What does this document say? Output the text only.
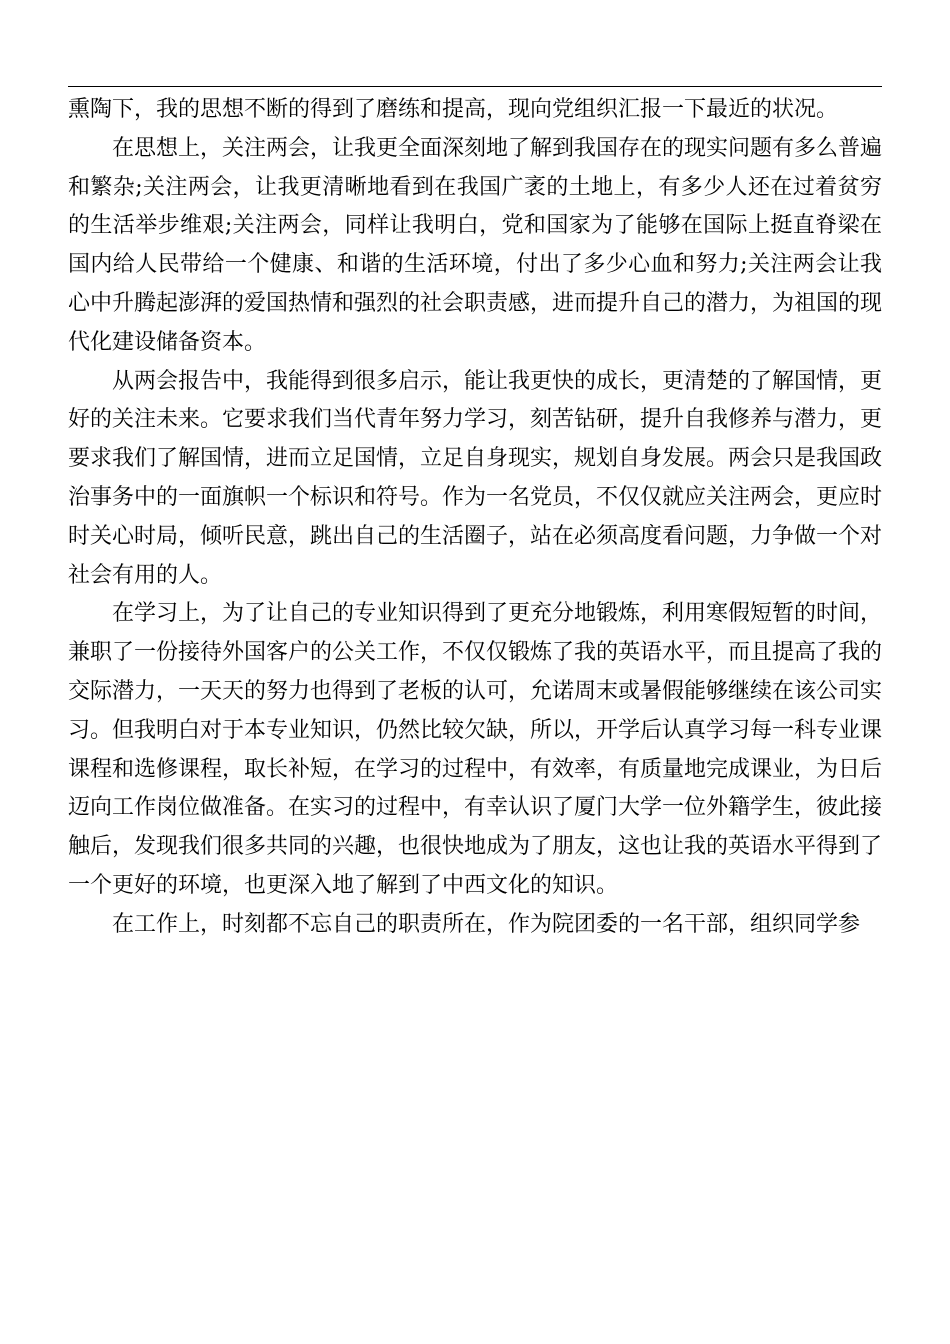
熏陶下，我的思想不断的得到了磨练和提高，现向党组织汇报一下最近的状况。

在思想上，关注两会，让我更全面深刻地了解到我国存在的现实问题有多么普遍和繁杂;关注两会，让我更清晰地看到在我国广袤的土地上，有多少人还在过着贫穷的生活举步维艰;关注两会，同样让我明白，党和国家为了能够在国际上挺直脊梁在国内给人民带给一个健康、和谐的生活环境，付出了多少心血和努力;关注两会让我心中升腾起澎湃的爱国热情和强烈的社会职责感，进而提升自己的潜力，为祖国的现代化建设储备资本。

从两会报告中，我能得到很多启示，能让我更快的成长，更清楚的了解国情，更好的关注未来。它要求我们当代青年努力学习，刻苦钻研，提升自我修养与潜力，更要求我们了解国情，进而立足国情，立足自身现实，规划自身发展。两会只是我国政治事务中的一面旗帜一个标识和符号。作为一名党员，不仅仅就应关注两会，更应时时关心时局，倾听民意，跳出自己的生活圈子，站在必须高度看问题，力争做一个对社会有用的人。

在学习上，为了让自己的专业知识得到了更充分地锻炼，利用寒假短暂的时间，兼职了一份接待外国客户的公关工作，不仅仅锻炼了我的英语水平，而且提高了我的交际潜力，一天天的努力也得到了老板的认可，允诺周末或暑假能够继续在该公司实习。但我明白对于本专业知识，仍然比较欠缺，所以，开学后认真学习每一科专业课课程和选修课程，取长补短，在学习的过程中，有效率，有质量地完成课业，为日后迈向工作岗位做准备。在实习的过程中，有幸认识了厦门大学一位外籍学生，彼此接触后，发现我们很多共同的兴趣，也很快地成为了朋友，这也让我的英语水平得到了一个更好的环境，也更深入地了解到了中西文化的知识。

在工作上，时刻都不忘自己的职责所在，作为院团委的一名干部，组织同学参
